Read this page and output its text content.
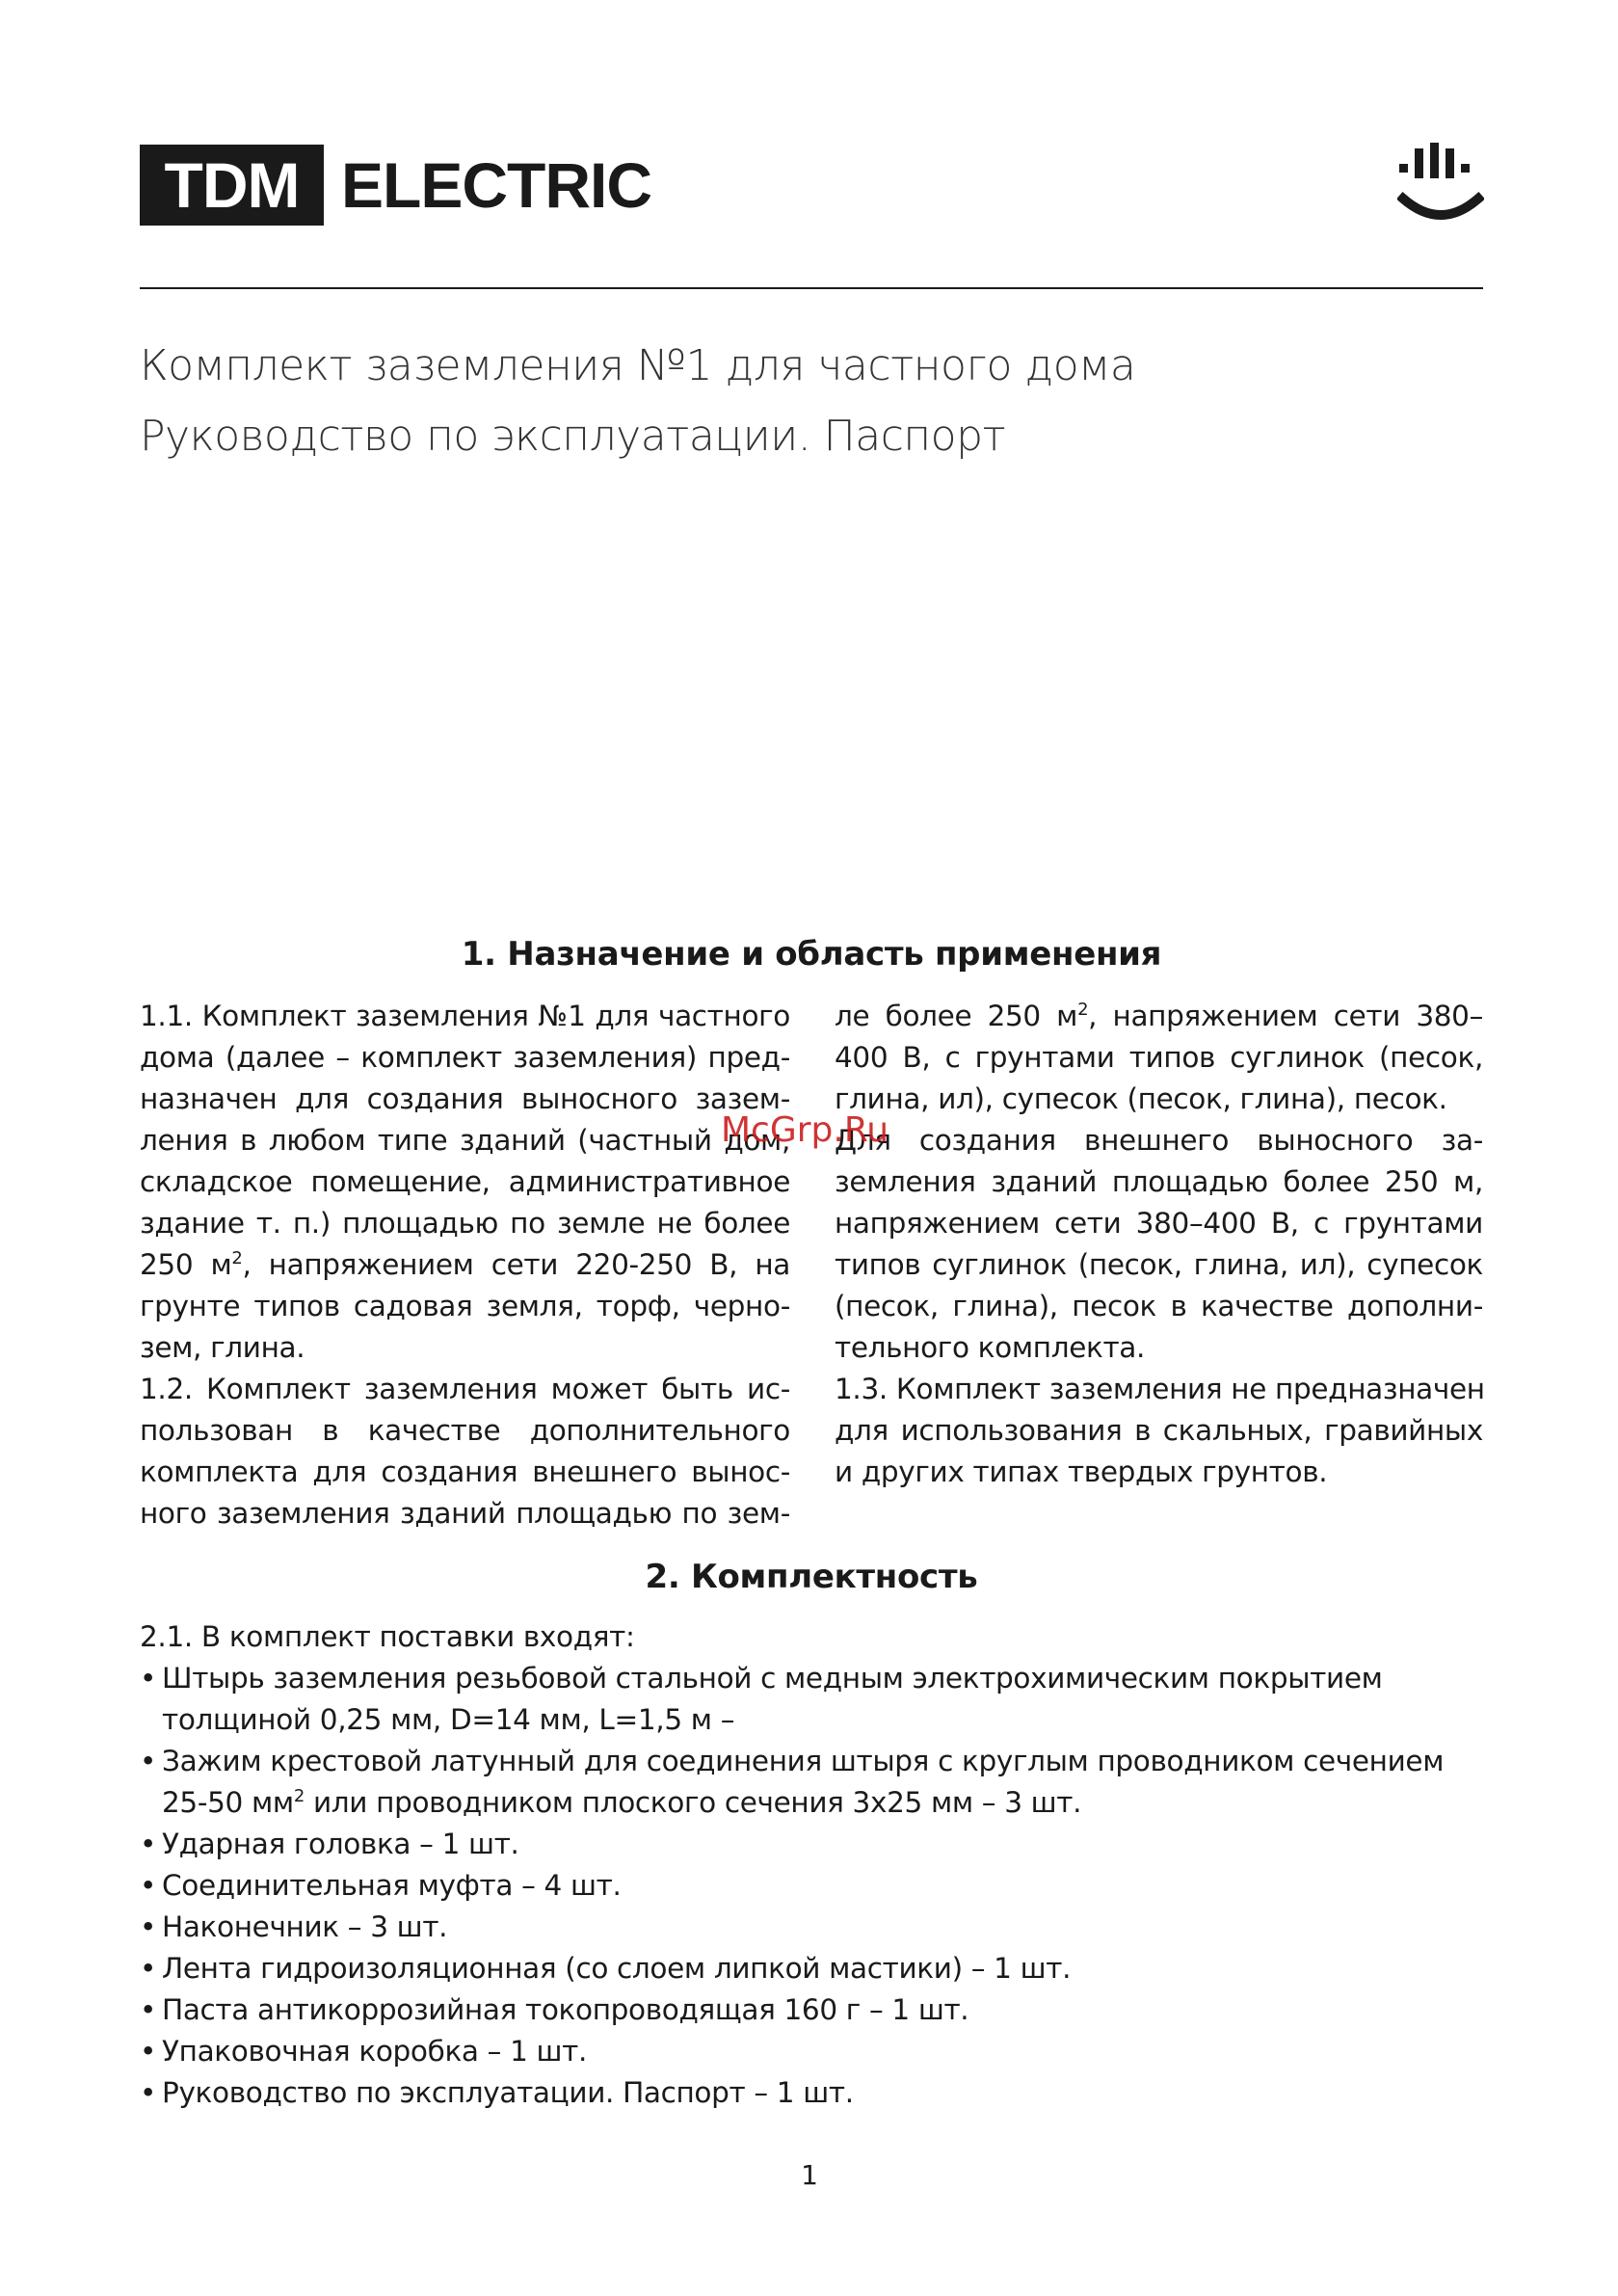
TDM ELECTRIC
Комплект заземления №1 для частного дома
Руководство по эксплуатации. Паспорт
1. Назначение и область применения
1.1. Комплект заземления №1 для частного
дома (далее – комплект заземления) пред-
назначен для создания выносного зазем-
ления в любом типе зданий (частный дом,
складское помещение, административное
здание т. п.) площадью по земле не более
250 $м^2$, напряжением сети 220-250 В, на
грунте типов садовая земля, торф, черно-
зем, глина.
1.2. Комплект заземления может быть ис-
пользован в качестве дополнительного
комплекта для создания внешнего вынос-
ного заземления зданий площадью по зем-
ле более 250 $м^2$, напряжением сети 380–
400 В, с грунтами типов суглинок (песок,
глина, ил), супесок (песок, глина), песок.
Для создания внешнего выносного за-
земления зданий площадью более 250 м,
напряжением сети 380–400 В, с грунтами
типов суглинок (песок, глина, ил), супесок
(песок, глина), песок в качестве дополни-
тельного комплекта.
1.3. Комплект заземления не предназначен
для использования в скальных, гравийных
и других типах твердых грунтов.
McGrp.Ru
2. Комплектность
2.1. В комплект поставки входят:
• Штырь заземления резьбовой стальной с медным электрохимическим покрытием
толщиной 0,25 мм, D=14 мм, L=1,5 м –
• Зажим крестовой латунный для соединения штыря с круглым проводником сечением
25-50 $мм^2$ или проводником плоского сечения 3х25 мм – 3 шт.
• Ударная головка – 1 шт.
• Соединительная муфта – 4 шт.
• Наконечник – 3 шт.
• Лента гидроизоляционная (со слоем липкой мастики) – 1 шт.
• Паста антикоррозийная токопроводящая 160 г – 1 шт.
• Упаковочная коробка – 1 шт.
• Руководство по эксплуатации. Паспорт – 1 шт.
1
